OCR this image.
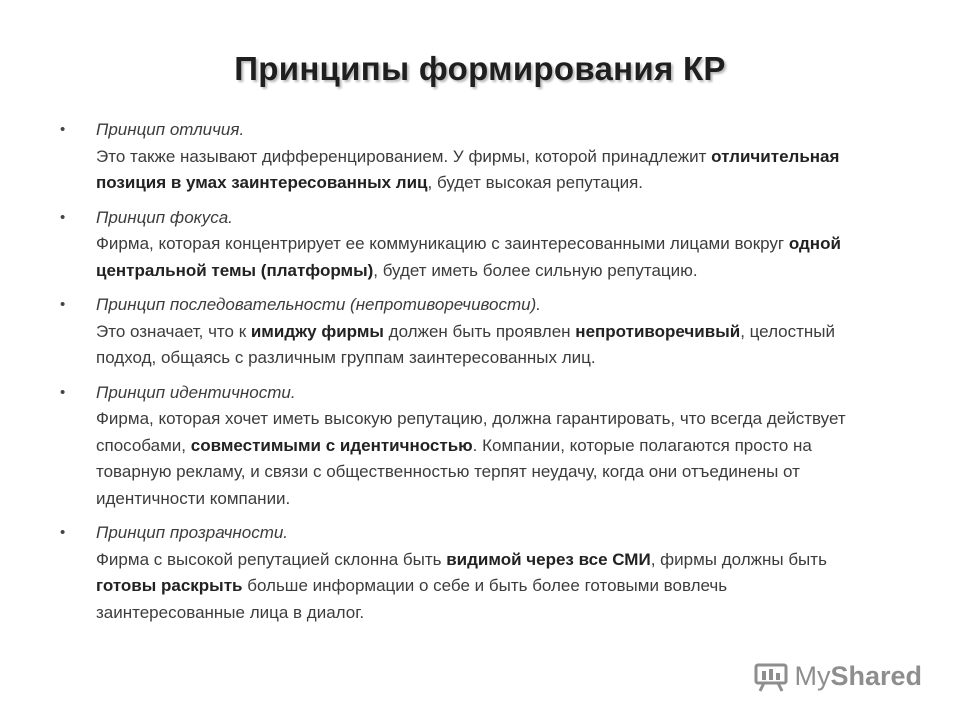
Принципы формирования КР
• Принцип отличия.
Это также называют дифференцированием. У фирмы, которой принадлежит отличительная позиция в умах заинтересованных лиц, будет высокая репутация.
• Принцип фокуса.
Фирма, которая концентрирует ее коммуникацию с заинтересованными лицами вокруг одной центральной темы (платформы), будет иметь более сильную репутацию.
• Принцип последовательности (непротиворечивости).
Это означает, что к имиджу фирмы должен быть проявлен непротиворечивый, целостный подход, общаясь с различным группам заинтересованных лиц.
• Принцип идентичности.
Фирма, которая хочет иметь высокую репутацию, должна гарантировать, что всегда действует способами, совместимыми с идентичностью. Компании, которые полагаются просто на товарную рекламу, и связи с общественностью терпят неудачу, когда они отъединены от идентичности компании.
• Принцип прозрачности.
Фирма с высокой репутацией склонна быть видимой через все СМИ, фирмы должны быть готовы раскрыть больше информации о себе и быть более готовыми вовлечь заинтересованные лица в диалог.
MyShared
